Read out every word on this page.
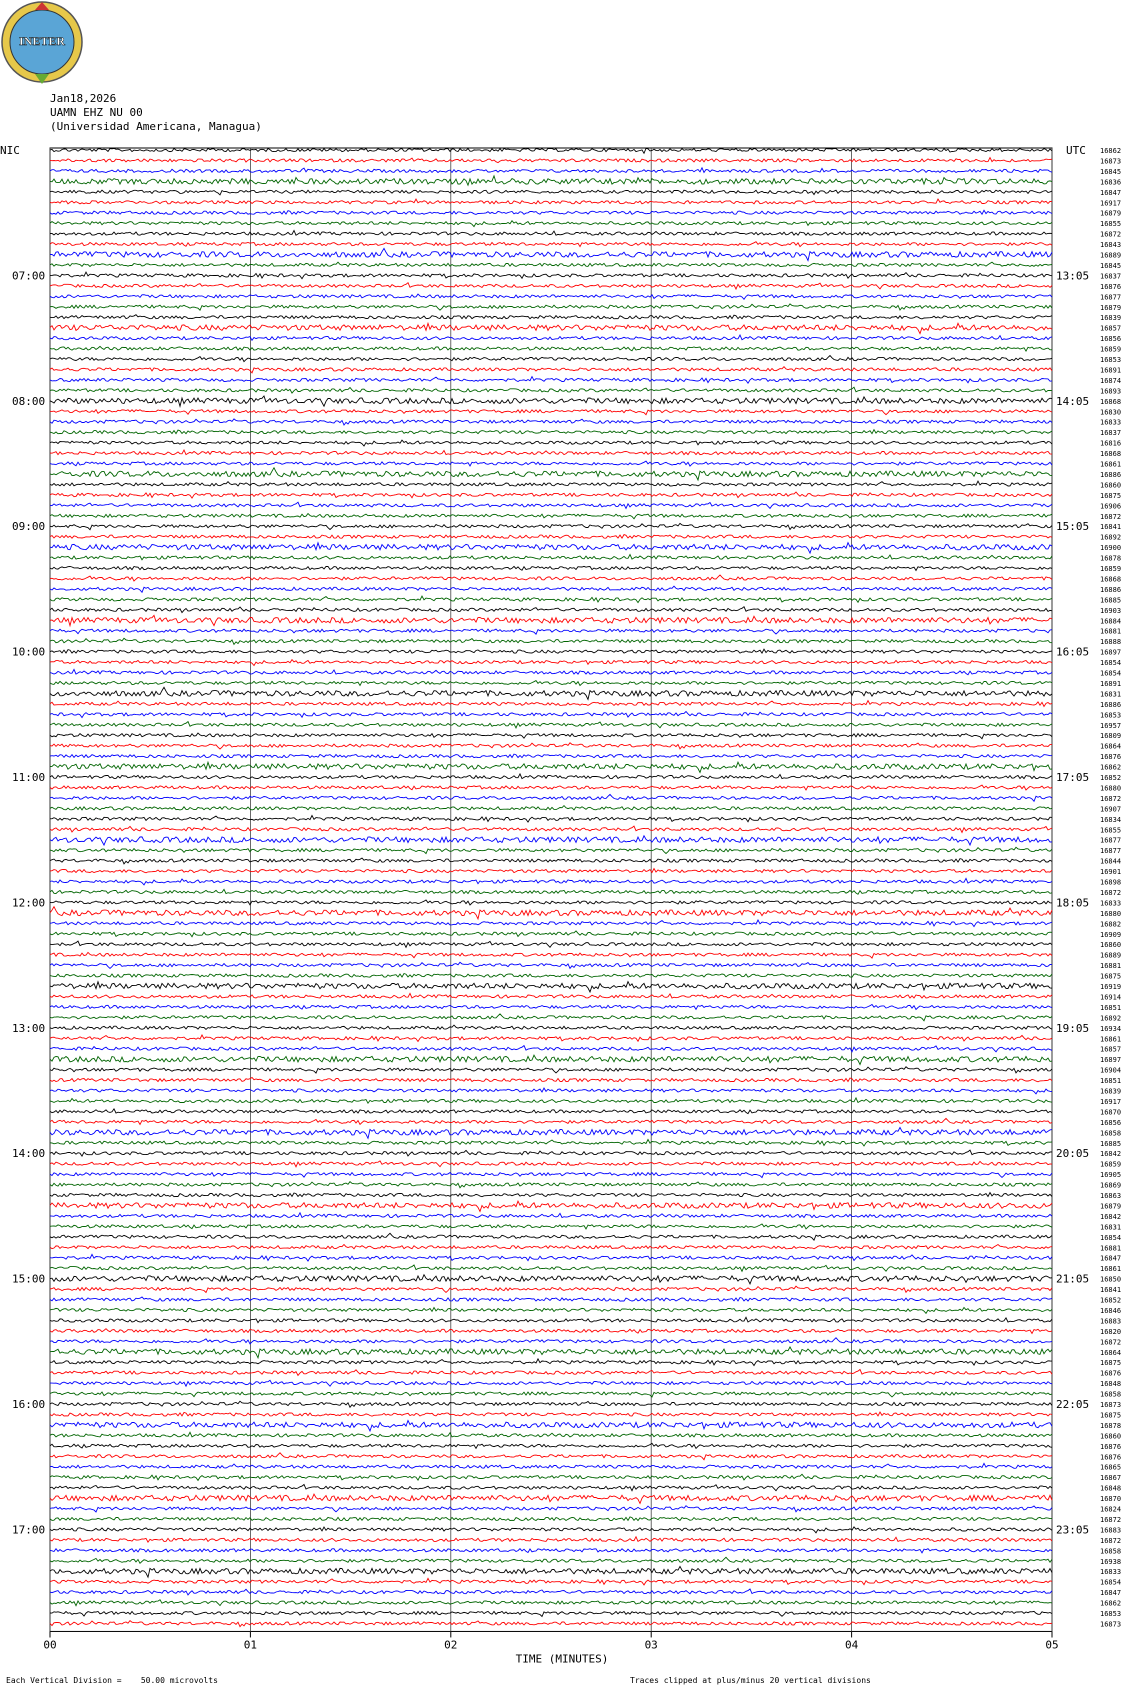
INETER
Jan18,2026
UAMN EHZ NU 00
(Universidad Americana, Managua)
00	01	02	03	04	05
16862
16873
16845
16836
16847
16917
16879
16855
16872
16843
16889
16845
16837
16876
16877
16879
16839
16857
16856
16859
16853
16891
16874
16893
16868
16830
16833
16837
16816
16868
16861
16886
16860
16875
16906
16872
16841
16892
16900
16878
16859
16868
16886
16885
16903
16884
16881
16888
16897
16854
16854
16891
16831
16886
16853
16957
16809
16864
16876
16862
16852
16880
16872
16907
16834
16855
16877
16877
16844
16901
16898
16872
16833
16880
16882
16909
16860
16889
16881
16875
16919
16914
16851
16892
16934
16861
16857
16897
16904
16851
16839
16917
16870
16856
16858
16885
16842
16859
16905
16869
16863
16879
16842
16831
16854
16881
16847
16861
16850
16841
16852
16846
16883
16820
16872
16864
16875
16876
16848
16858
16873
16875
16878
16860
16876
16876
16865
16867
16848
16870
16824
16872
16883
16872
16858
16938
16833
16854
16847
16862
16853
16873
07:00	13:05
08:00	14:05
09:00	15:05
10:00	16:05
11:00	17:05
12:00	18:05
13:00	19:05
14:00	20:05
15:00	21:05
16:00	22:05
17:00	23:05
NIC	UTC
TIME (MINUTES)
Each Vertical Division =    50.00 microvolts	Traces clipped at plus/minus 20 vertical divisions
